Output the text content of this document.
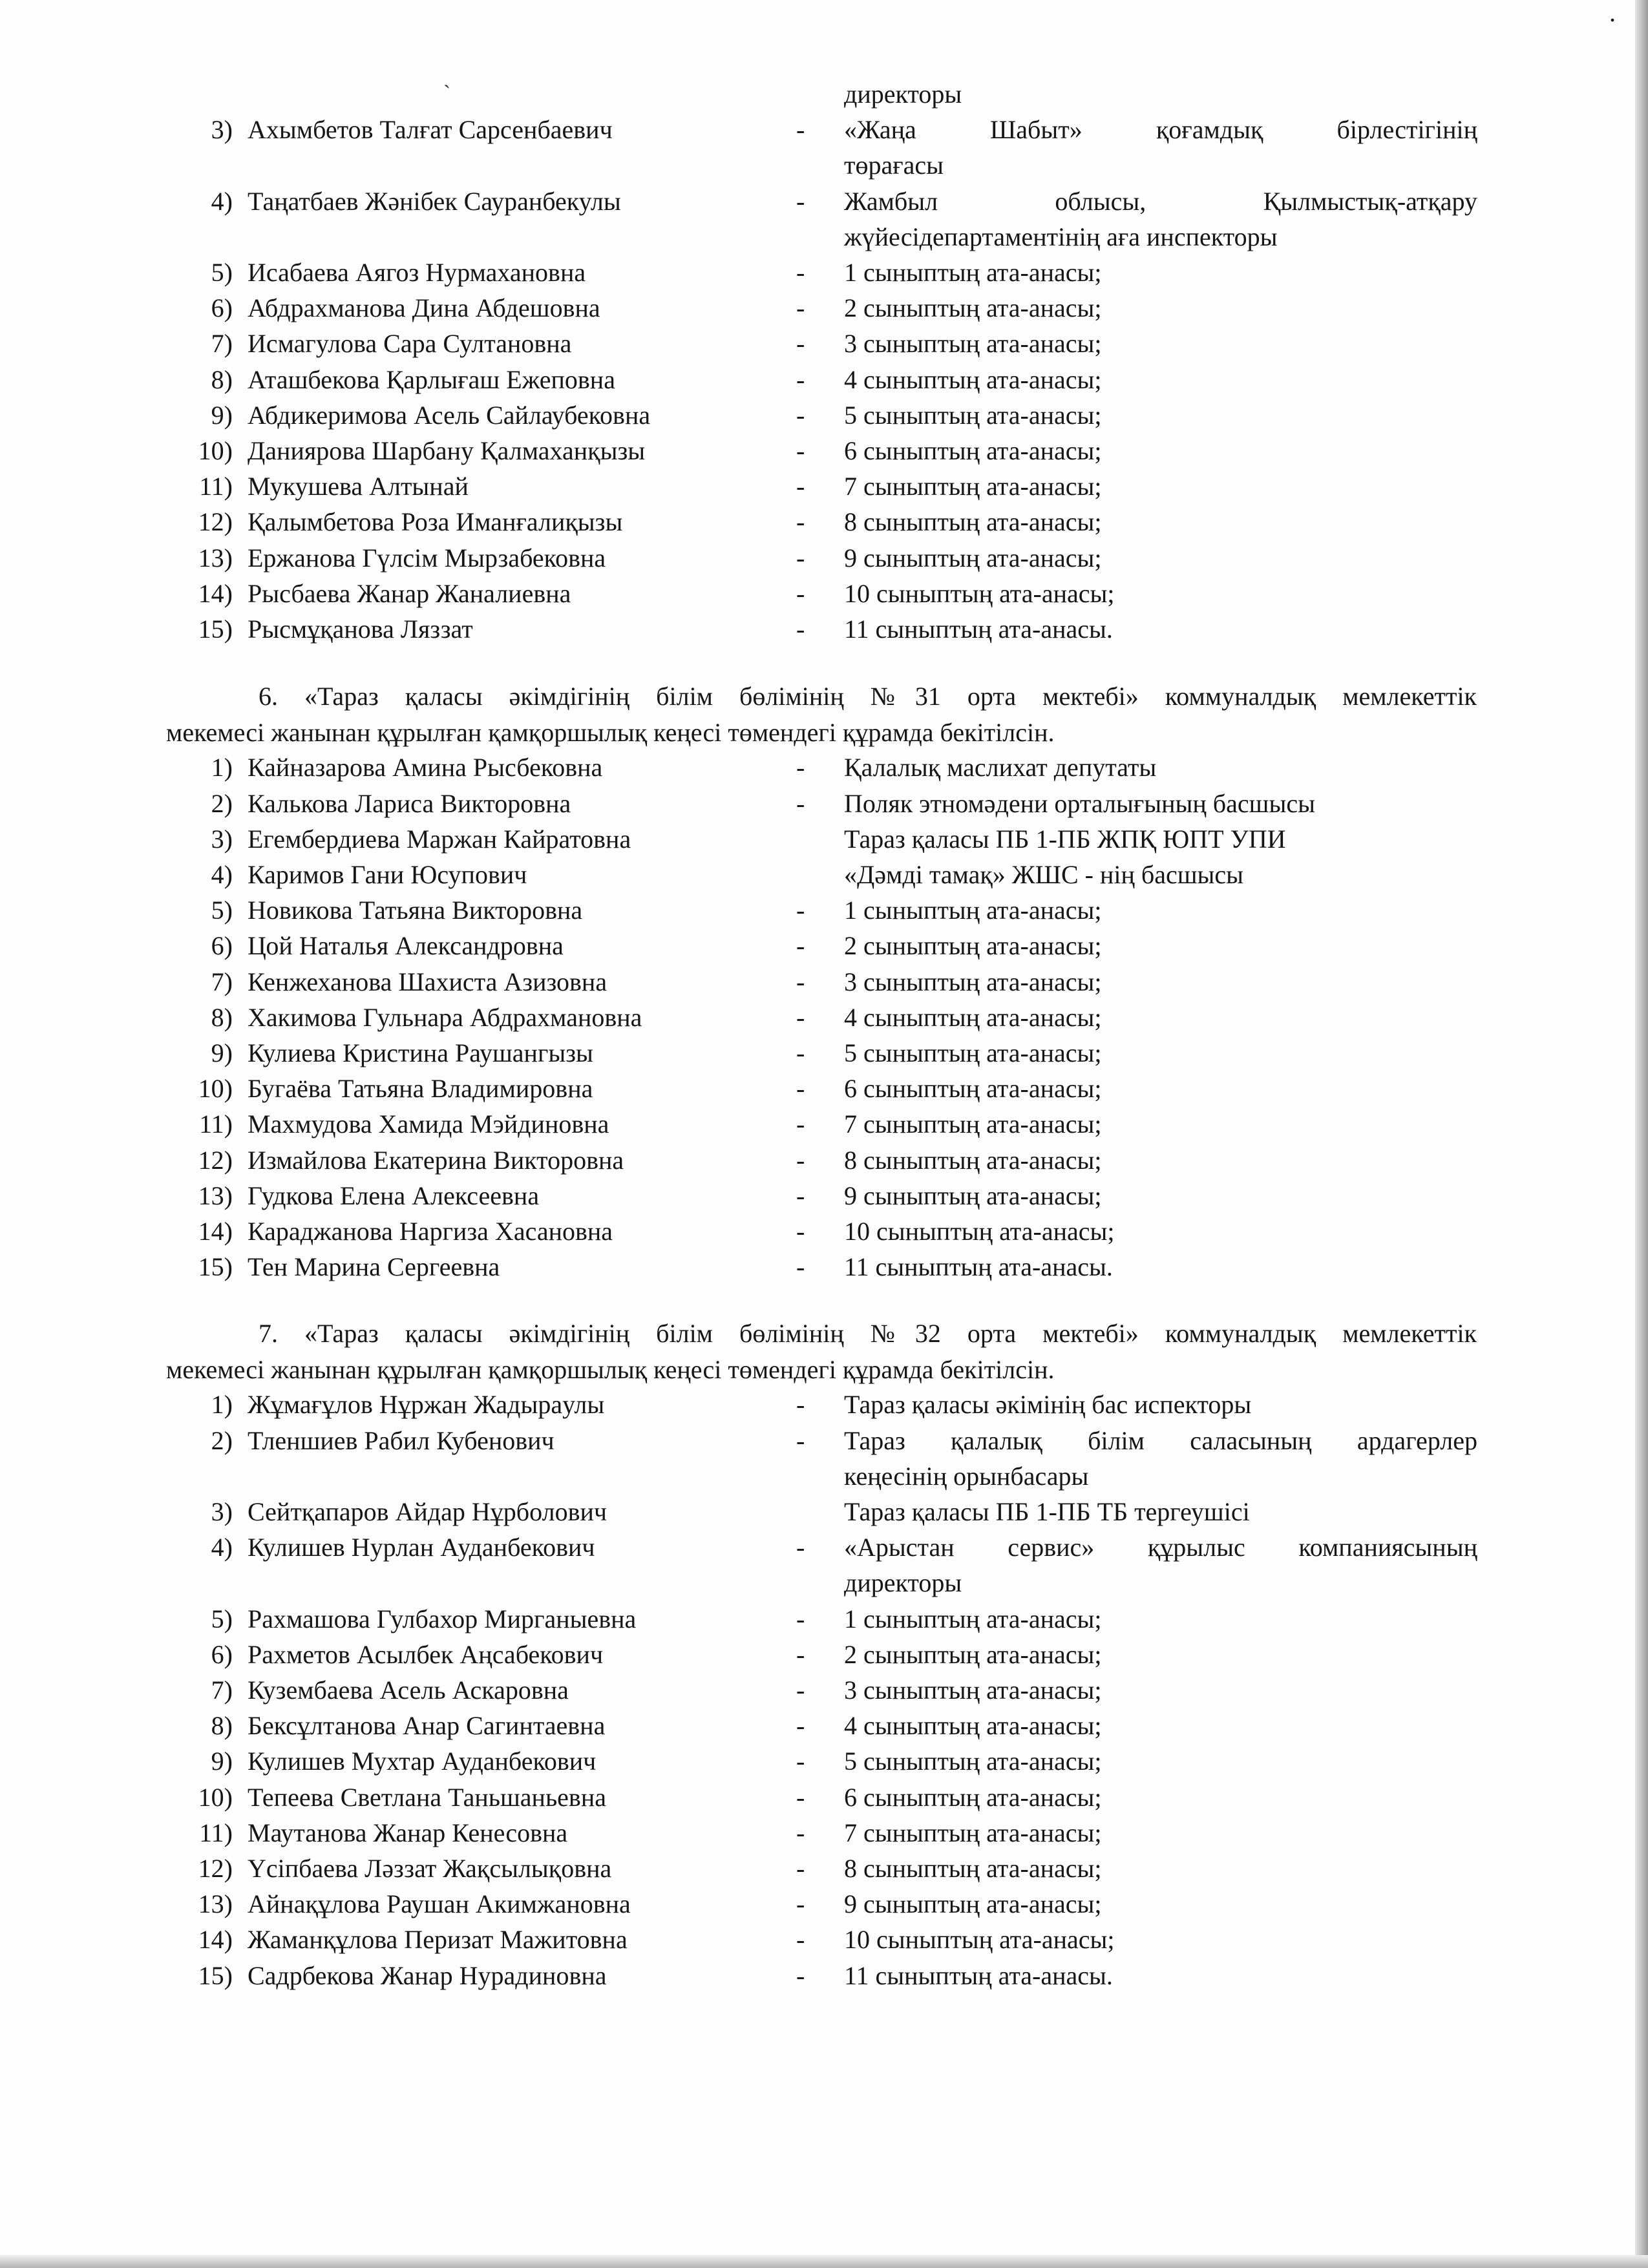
.
ˋ	директоры
3) Ахымбетов Талғат Сарсенбаевич	- «Жаңа Шабыт» қоғамдық бірлестігінің
төрағасы
4) Таңатбаев Жәнібек Сауранбекулы	- Жамбыл облысы, Қылмыстық-атқару
жүйесідепартаментінің аға инспекторы
5) Исабаева Аягоз Нурмахановна	- 1 сыныптың ата-анасы;
6) Абдрахманова Дина Абдешовна	- 2 сыныптың ата-анасы;
7) Исмагулова Сара Султановна	- 3 сыныптың ата-анасы;
8) Аташбекова Қарлығаш Ежеповна	- 4 сыныптың ата-анасы;
9) Абдикеримова Асель Сайлаубековна	- 5 сыныптың ата-анасы;
10) Даниярова Шарбану Қалмаханқызы	- 6 сыныптың ата-анасы;
11) Мукушева Алтынай	- 7 сыныптың ата-анасы;
12) Қалымбетова Роза Иманғалиқызы	- 8 сыныптың ата-анасы;
13) Ержанова Гүлсім Мырзабековна	- 9 сыныптың ата-анасы;
14) Рысбаева Жанар Жаналиевна	- 10 сыныптың ата-анасы;
15) Рысмұқанова Ляззат	- 11 сыныптың ата-анасы.
6. «Тараз қаласы әкімдігінің білім бөлімінің №31 орта мектебі» коммуналдық мемлекеттік
мекемесі жанынан құрылған қамқоршылық кеңесі төмендегі құрамда бекітілсін.
1) Кайназарова Амина Рысбековна	- Қалалық маслихат депутаты
2) Калькова Лариса Викторовна	- Поляк этномәдени орталығының басшысы
3) Егембердиева Маржан Кайратовна	Тараз қаласы ПБ 1-ПБ ЖПҚ ЮПТ УПИ
4) Каримов Гани Юсупович	«Дәмді тамақ» ЖШС - нің басшысы
5) Новикова Татьяна Викторовна	- 1 сыныптың ата-анасы;
6) Цой Наталья Александровна	- 2 сыныптың ата-анасы;
7) Кенжеханова Шахиста Азизовна	- 3 сыныптың ата-анасы;
8) Хакимова Гульнара Абдрахмановна	- 4 сыныптың ата-анасы;
9) Кулиева Кристина Раушангызы	- 5 сыныптың ата-анасы;
10) Бугаёва Татьяна Владимировна	- 6 сыныптың ата-анасы;
11) Махмудова Хамида Мэйдиновна	- 7 сыныптың ата-анасы;
12) Измайлова Екатерина Викторовна	- 8 сыныптың ата-анасы;
13) Гудкова Елена Алексеевна	- 9 сыныптың ата-анасы;
14) Караджанова Наргиза Хасановна	- 10 сыныптың ата-анасы;
15) Тен Марина Сергеевна	- 11 сыныптың ата-анасы.
7. «Тараз қаласы әкімдігінің білім бөлімінің №32 орта мектебі» коммуналдық мемлекеттік
мекемесі жанынан құрылған қамқоршылық кеңесі төмендегі құрамда бекітілсін.
1) Жұмағұлов Нұржан Жадырaулы	- Тараз қаласы әкімінің бас испекторы
2) Тленшиев Рабил Кубенович	- Тараз қалалық білім саласының ардагерлер
кеңесінің орынбасары
3) Сейтқапаров Айдар Нұрболович	Тараз қаласы ПБ 1-ПБ ТБ тергеушісі
4) Кулишев Нурлан Ауданбекович	- «Арыстан сервис» құрылыс компаниясының
директоры
5) Рахмашова Гулбахор Мирганыевна	- 1 сыныптың ата-анасы;
6) Рахметов Асылбек Аңсабекович	- 2 сыныптың ата-анасы;
7) Кузембаева Асель Аскаровна	- 3 сыныптың ата-анасы;
8) Бексұлтанова Анар Сагинтаевна	- 4 сыныптың ата-анасы;
9) Кулишев Мухтар Ауданбекович	- 5 сыныптың ата-анасы;
10) Тепеева Светлана Таньшаньевна	- 6 сыныптың ата-анасы;
11) Маутанова Жанар Кенесовна	- 7 сыныптың ата-анасы;
12) Үсіпбаева Ләззат Жақсылықовна	- 8 сыныптың ата-анасы;
13) Айнақұлова Раушан Акимжановна	- 9 сыныптың ата-анасы;
14) Жаманқұлова Перизат Мажитовна	- 10 сыныптың ата-анасы;
15) Садрбекова Жанар Нурадиновна	- 11 сыныптың ата-анасы.
